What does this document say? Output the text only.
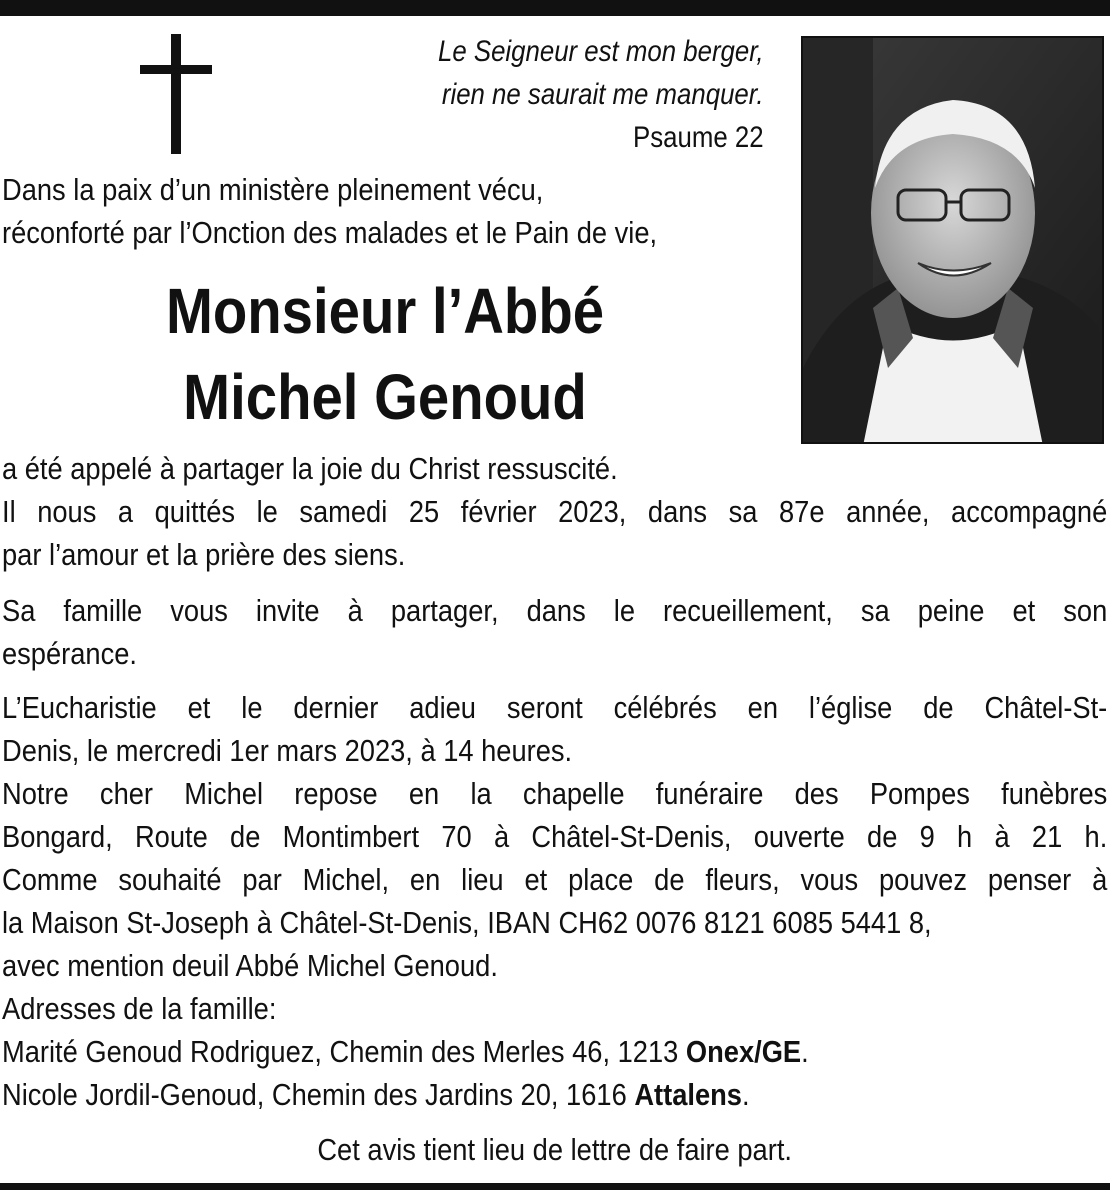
Le Seigneur est mon berger,
rien ne saurait me manquer.
Psaume 22
Dans la paix d’un ministère pleinement vécu,
réconforté par l’Onction des malades et le Pain de vie,
Monsieur l’Abbé
Michel Genoud
a été appelé à partager la joie du Christ ressuscité.

Il nous a quittés le samedi 25 février 2023, dans sa 87e année, accompagné

par l’amour et la prière des siens.

Sa famille vous invite à partager, dans le recueillement, sa peine et son

espérance.

L’Eucharistie et le dernier adieu seront célébrés en l’église de Châtel-St-

Denis, le mercredi 1er mars 2023, à 14 heures.

Notre cher Michel repose en la chapelle funéraire des Pompes funèbres

Bongard, Route de Montimbert 70 à Châtel-St-Denis, ouverte de 9 h à 21 h.

Comme souhaité par Michel, en lieu et place de fleurs, vous pouvez penser à

la Maison St-Joseph à Châtel-St-Denis, IBAN CH62 0076 8121 6085 5441 8,

avec mention deuil Abbé Michel Genoud.

Adresses de la famille:
Marité Genoud Rodriguez, Chemin des Merles 46, 1213 Onex/GE.
Nicole Jordil-Genoud, Chemin des Jardins 20, 1616 Attalens.
Cet avis tient lieu de lettre de faire part.
